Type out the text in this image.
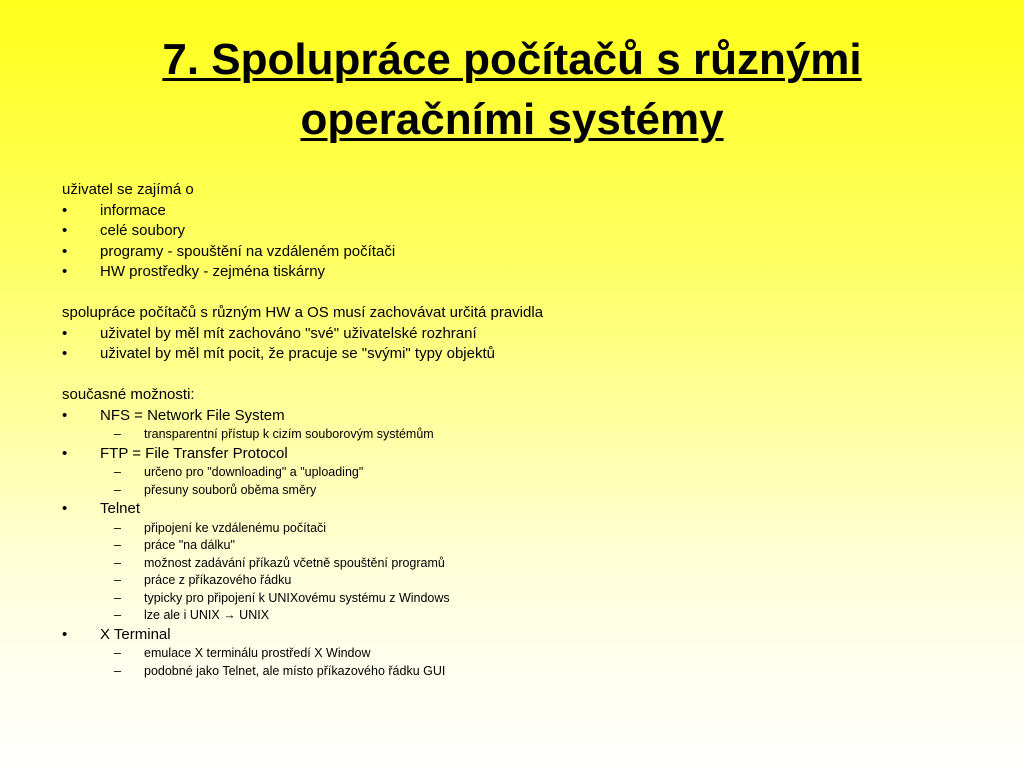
7. Spolupráce počítačů s různými
operačními systémy
uživatel se zajímá o
• informace
• celé soubory
• programy - spouštění na vzdáleném počítači
• HW prostředky - zejména tiskárny
spolupráce počítačů s různým HW a OS musí zachovávat určitá pravidla
• uživatel by měl mít zachováno "své" uživatelské rozhraní
• uživatel by měl mít pocit, že pracuje se "svými" typy objektů
současné možnosti:
• NFS = Network File System
– transparentní přístup k cizím souborovým systémům
• FTP = File Transfer Protocol
– určeno pro "downloading" a "uploading"
– přesuny souborů oběma směry
• Telnet
– připojení ke vzdálenému počítači
– práce "na dálku"
– možnost zadávání příkazů včetně spouštění programů
– práce z příkazového řádku
– typicky pro připojení k UNIXovému systému z Windows
– lze ale i UNIX → UNIX
• X Terminal
– emulace X terminálu prostředí X Window
– podobné jako Telnet, ale místo příkazového řádku GUI
